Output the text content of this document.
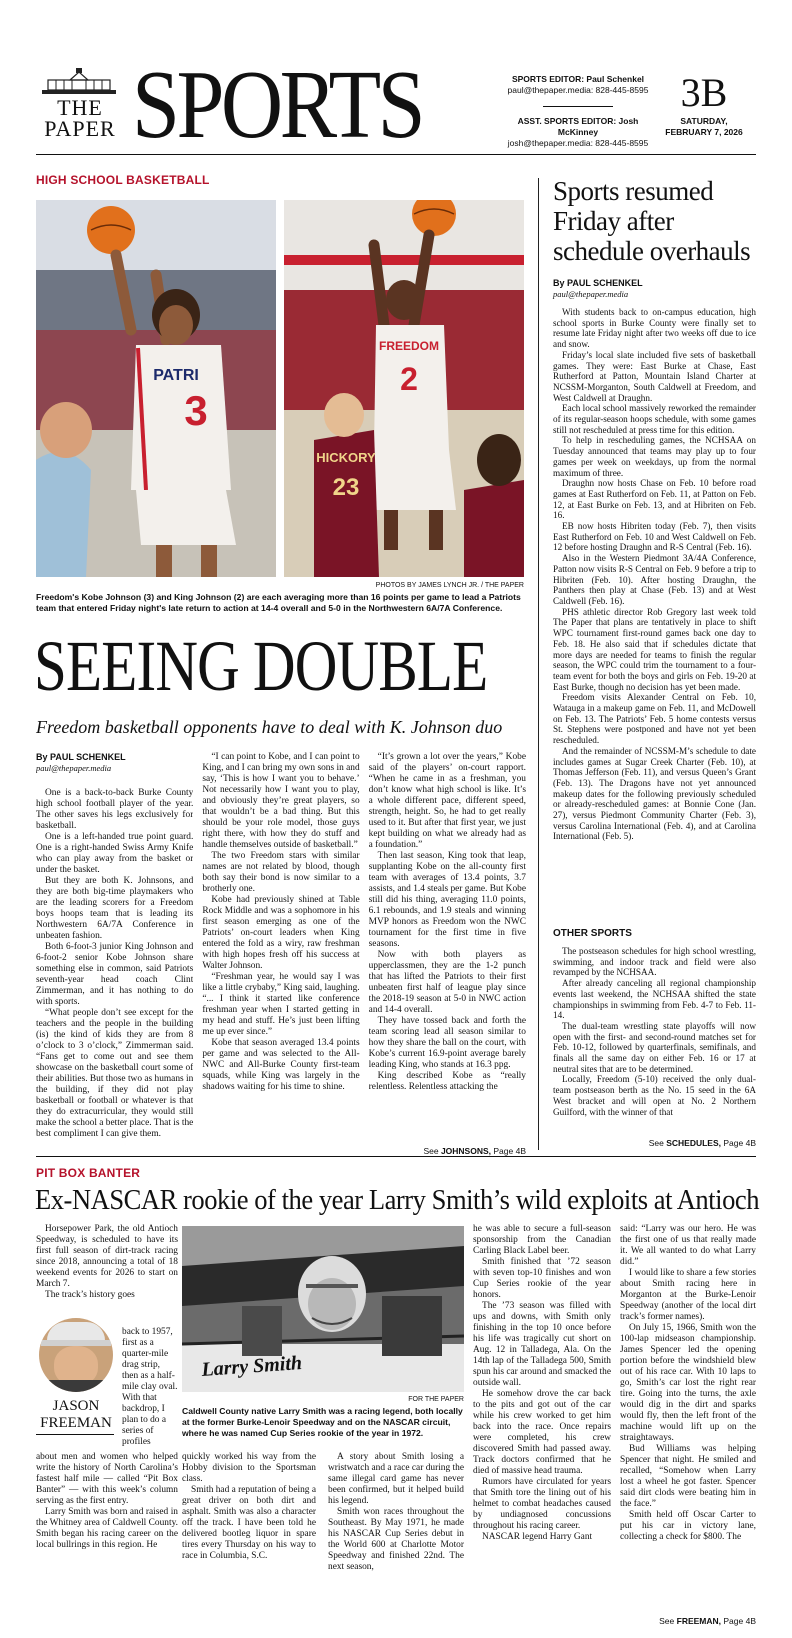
THE
PAPER SPORTS	SPORTS EDITOR: Paul Schenkel
paul@thepaper.media: 828-445-8595
ASST. SPORTS EDITOR: Josh McKinney
josh@thepaper.media: 828-445-8595
3B
SATURDAY,
FEBRUARY 7, 2026
HIGH SCHOOL BASKETBALL
3
PATRI
FREEDOM
2
HICKORY
23
PHOTOS BY JAMES LYNCH JR. / THE PAPER
Freedom's Kobe Johnson (3) and King Johnson (2) are each averaging more than 16 points per game to lead a Patriots team that entered Friday night's late return to action at 14-4 overall and 5-0 in the Northwestern 6A/7A Conference.
SEEING DOUBLE
Freedom basketball opponents have to deal with K. Johnson duo
By PAUL SCHENKEL
paul@thepaper.media

One is a back-to-back Burke County high school football player of the year. The other saves his legs exclusively for basketball.

One is a left-handed true point guard. One is a right-handed Swiss Army Knife who can play away from the basket or under the basket.

But they are both K. Johnsons, and they are both big-time playmakers who are the leading scorers for a Freedom boys hoops team that is leading its Northwestern 6A/7A Conference in unbeaten fashion.

Both 6-foot-3 junior King Johnson and 6-foot-2 senior Kobe Johnson share something else in common, said Patriots seventh-year head coach Clint Zimmerman, and it has nothing to do with sports.

“What people don’t see except for the teachers and the people in the building (is) the kind of kids they are from 8 o’clock to 3 o’clock,” Zimmerman said. “Fans get to come out and see them showcase on the basketball court some of their abilities. But those two as humans in the building, if they did not play basketball or football or whatever is that they do extracurricular, they would still make the school a better place. That is the best compliment I can give them.

“I can point to Kobe, and I can point to King, and I can bring my own sons in and say, ‘This is how I want you to behave.’ Not necessarily how I want you to play, and obviously they’re great players, so that wouldn’t be a bad thing. But this should be your role model, those guys right there, with how they do stuff and handle themselves outside of basketball.”

The two Freedom stars with similar names are not related by blood, though both say their bond is now similar to a brotherly one.

Kobe had previously shined at Table Rock Middle and was a sophomore in his first season emerging as one of the Patriots’ on-court leaders when King entered the fold as a wiry, raw freshman with high hopes fresh off his success at Walter Johnson.

“Freshman year, he would say I was like a little crybaby,” King said, laughing. “... I think it started like conference freshman year when I started getting in my head and stuff. He’s just been lifting me up ever since.”

Kobe that season averaged 13.4 points per game and was selected to the All-NWC and All-Burke County first-team squads, while King was largely in the shadows waiting for his time to shine.

“It’s grown a lot over the years,” Kobe said of the players’ on-court rapport. “When he came in as a freshman, you don’t know what high school is like. It’s a whole different pace, different speed, strength, height. So, he had to get really used to it. But after that first year, we just kept building on what we already had as a foundation.”

Then last season, King took that leap, supplanting Kobe on the all-county first team with averages of 13.4 points, 3.7 assists, and 1.4 steals per game. But Kobe still did his thing, averaging 11.0 points, 6.1 rebounds, and 1.9 steals and winning MVP honors as Freedom won the NWC tournament for the first time in five seasons.

Now with both players as upperclassmen, they are the 1-2 punch that has lifted the Patriots to their first unbeaten first half of league play since the 2018-19 season at 5-0 in NWC action and 14-4 overall.

They have tossed back and forth the team scoring lead all season similar to how they share the ball on the court, with Kobe’s current 16.9-point average barely leading King, who stands at 16.3 ppg.

King described Kobe as “really relentless. Relentless attacking the

See JOHNSONS, Page 4B
Sports resumed Friday after schedule overhauls
By PAUL SCHENKEL
paul@thepaper.media

With students back to on-campus education, high school sports in Burke County were finally set to resume late Friday night after two weeks off due to ice and snow.

Friday’s local slate included five sets of basketball games. They were: East Burke at Chase, East Rutherford at Patton, Mountain Island Charter at NCSSM-Morganton, South Caldwell at Freedom, and West Caldwell at Draughn.

Each local school massively reworked the remainder of its regular-season hoops schedule, with some games still not rescheduled at press time for this edition.

To help in rescheduling games, the NCHSAA on Tuesday announced that teams may play up to four games per week on weekdays, up from the normal maximum of three.

Draughn now hosts Chase on Feb. 10 before road games at East Rutherford on Feb. 11, at Patton on Feb. 12, at East Burke on Feb. 13, and at Hibriten on Feb. 16.

EB now hosts Hibriten today (Feb. 7), then visits East Rutherford on Feb. 10 and West Caldwell on Feb. 12 before hosting Draughn and R-S Central (Feb. 16).

Also in the Western Piedmont 3A/4A Conference, Patton now visits R-S Central on Feb. 9 before a trip to Hibriten (Feb. 10). After hosting Draughn, the Panthers then play at Chase (Feb. 13) and at West Caldwell (Feb. 16).

PHS athletic director Rob Gregory last week told The Paper that plans are tentatively in place to shift WPC tournament first-round games back one day to Feb. 18. He also said that if schedules dictate that more days are needed for teams to finish the regular season, the WPC could trim the tournament to a four-team event for both the boys and girls on Feb. 19-20 at East Burke, though no decision has yet been made.

Freedom visits Alexander Central on Feb. 10, Watauga in a makeup game on Feb. 11, and McDowell on Feb. 13. The Patriots’ Feb. 5 home contests versus St. Stephens were postponed and have not yet been rescheduled.

And the remainder of NCSSM-M’s schedule to date includes games at Sugar Creek Charter (Feb. 10), at Thomas Jefferson (Feb. 11), and versus Queen’s Grant (Feb. 13). The Dragons have not yet announced makeup dates for the following previously scheduled or already-rescheduled games: at Bonnie Cone (Jan. 27), versus Piedmont Community Charter (Feb. 3), versus Carolina International (Feb. 4), and at Carolina International (Feb. 5).

OTHER SPORTS

The postseason schedules for high school wrestling, swimming, and indoor track and field were also revamped by the NCHSAA.

After already canceling all regional championship events last weekend, the NCHSAA shifted the state championships in swimming from Feb. 4-7 to Feb. 11-14.

The dual-team wrestling state playoffs will now open with the first- and second-round matches set for Feb. 10-12, followed by quarterfinals, semifinals, and finals all the same day on either Feb. 16 or 17 at neutral sites that are to be determined.

Locally, Freedom (5-10) received the only dual-team postseason berth as the No. 15 seed in the 6A West bracket and will open at No. 2 Northern Guilford, with the winner of that

See SCHEDULES, Page 4B
PIT BOX BANTER
Ex-NASCAR rookie of the year Larry Smith’s wild exploits at Antioch

Horsepower Park, the old Antioch Speedway, is scheduled to have its first full season of dirt-track racing since 2018, announcing a total of 18 weekend events for 2026 to start on March 7.

The track’s history goes

JASON
FREEMAN
back to 1957, first as a quarter-mile drag strip, then as a half-mile clay oval. With that backdrop, I plan to do a series of profiles

about men and women who helped write the history of North Carolina’s fastest half mile — called “Pit Box Banter” — with this week’s column serving as the first entry.

Larry Smith was born and raised in the Whitney area of Caldwell County. Smith began his racing career on the local bullrings in this region. He

Larry Smith
FOR THE PAPER
Caldwell County native Larry Smith was a racing legend, both locally at the former Burke-Lenoir Speedway and on the NASCAR circuit, where he was named Cup Series rookie of the year in 1972.

quickly worked his way from the Hobby division to the Sportsman class.

Smith had a reputation of being a great driver on both dirt and asphalt. Smith was also a character off the track. I have been told he delivered bootleg liquor in spare tires every Thursday on his way to race in Columbia, S.C.

A story about Smith losing a wristwatch and a race car during the same illegal card game has never been confirmed, but it helped build his legend.

Smith won races throughout the Southeast. By May 1971, he made his NASCAR Cup Series debut in the World 600 at Charlotte Motor Speedway and finished 22nd. The next season,

he was able to secure a full-season sponsorship from the Canadian Carling Black Label beer.

Smith finished that ’72 season with seven top-10 finishes and won Cup Series rookie of the year honors.

The ’73 season was filled with ups and downs, with Smith only finishing in the top 10 once before his life was tragically cut short on Aug. 12 in Talladega, Ala. On the 14th lap of the Talladega 500, Smith spun his car around and smacked the outside wall.

He somehow drove the car back to the pits and got out of the car while his crew worked to get him back into the race. Once repairs were completed, his crew discovered Smith had passed away. Track doctors confirmed that he died of massive head trauma.

Rumors have circulated for years that Smith tore the lining out of his helmet to combat headaches caused by undiagnosed concussions throughout his racing career.

NASCAR legend Harry Gant

said: “Larry was our hero. He was the first one of us that really made it. We all wanted to do what Larry did.”

I would like to share a few stories about Smith racing here in Morganton at the Burke-Lenoir Speedway (another of the local dirt track’s former names).

On July 15, 1966, Smith won the 100-lap midseason championship. James Spencer led the opening portion before the windshield blew out of his race car. With 10 laps to go, Smith’s car lost the right rear tire. Going into the turns, the axle would dig in the dirt and sparks would fly, then the left front of the machine would lift up on the straightaways.

Bud Williams was helping Spencer that night. He smiled and recalled, “Somehow when Larry lost a wheel he got faster. Spencer said dirt clods were beating him in the face.”

Smith held off Oscar Carter to put his car in victory lane, collecting a check for $800. The

See FREEMAN, Page 4B
